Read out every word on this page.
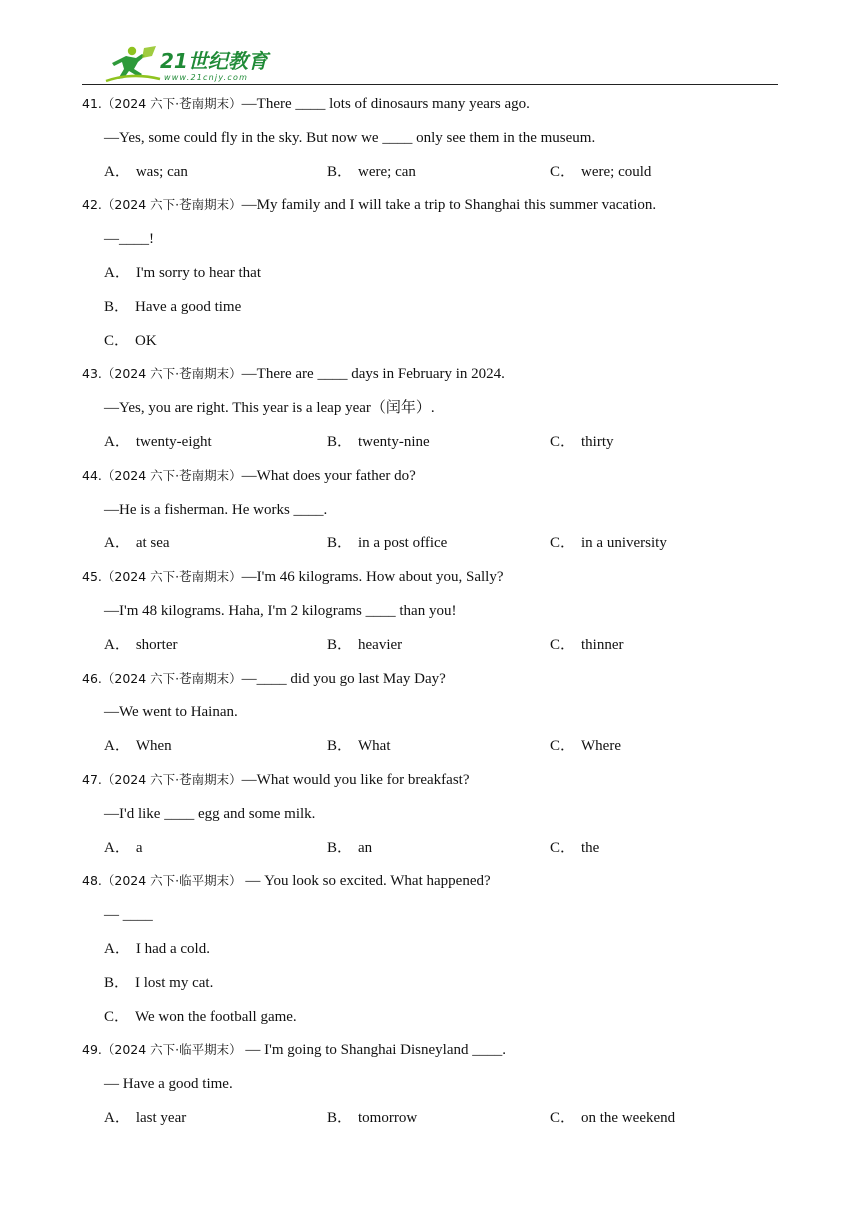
21世纪教育
www.21cnjy.com
41.（2024 六下·苍南期末）—There ____ lots of dinosaurs many years ago.
—Yes, some could fly in the sky. But now we ____ only see them in the museum.
A． was; can	B． were; can	C． were; could
42.（2024 六下·苍南期末）—My family and I will take a trip to Shanghai this summer vacation.
—____!
A． I'm sorry to hear that
B． Have a good time
C． OK
43.（2024 六下·苍南期末）—There are ____ days in February in 2024.
—Yes, you are right. This year is a leap year（闰年）.
A． twenty-eight	B． twenty-nine	C． thirty
44.（2024 六下·苍南期末）—What does your father do?
—He is a fisherman. He works ____.
A． at sea	B． in a post office	C． in a university
45.（2024 六下·苍南期末）—I'm 46 kilograms. How about you, Sally?
—I'm 48 kilograms. Haha, I'm 2 kilograms ____ than you!
A． shorter	B． heavier	C． thinner
46.（2024 六下·苍南期末）—____ did you go last May Day?
—We went to Hainan.
A． When	B． What	C． Where
47.（2024 六下·苍南期末）—What would you like for breakfast?
—I'd like ____ egg and some milk.
A． a	B． an	C． the
48.（2024 六下·临平期末） — You look so excited. What happened?
— ____
A． I had a cold.
B． I lost my cat.
C． We won the football game.
49.（2024 六下·临平期末） — I'm going to Shanghai Disneyland ____.
— Have a good time.
A． last year	B． tomorrow	C． on the weekend
